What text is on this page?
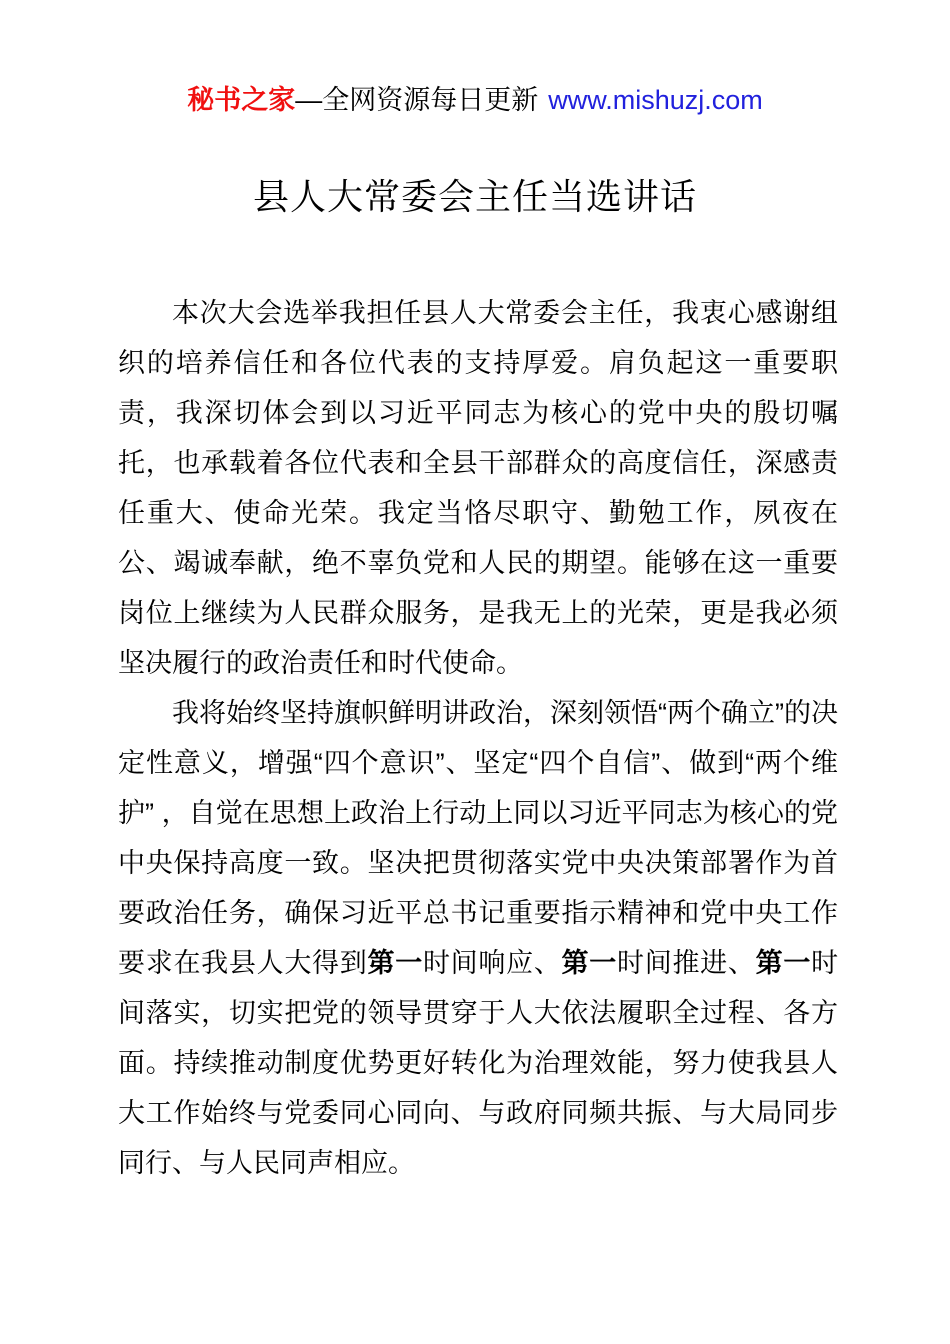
秘书之家—全网资源每日更新 www.mishuzj.com
县人大常委会主任当选讲话

本次大会选举我担任县人大常委会主任，我衷心感谢组织的培养信任和各位代表的支持厚爱。肩负起这一重要职责，我深切体会到以习近平同志为核心的党中央的殷切嘱托，也承载着各位代表和全县干部群众的高度信任，深感责任重大、使命光荣。我定当恪尽职守、勤勉工作，夙夜在公、竭诚奉献，绝不辜负党和人民的期望。能够在这一重要岗位上继续为人民群众服务，是我无上的光荣，更是我必须坚决履行的政治责任和时代使命。

我将始终坚持旗帜鲜明讲政治，深刻领悟“两个确立”的决定性意义，增强“四个意识”、坚定“四个自信”、做到“两个维护” ，自觉在思想上政治上行动上同以习近平同志为核心的党中央保持高度一致。坚决把贯彻落实党中央决策部署作为首要政治任务，确保习近平总书记重要指示精神和党中央工作要求在我县人大得到第一时间响应、第一时间推进、第一时间落实，切实把党的领导贯穿于人大依法履职全过程、各方面。持续推动制度优势更好转化为治理效能，努力使我县人大工作始终与党委同心同向、与政府同频共振、与大局同步同行、与人民同声相应。
